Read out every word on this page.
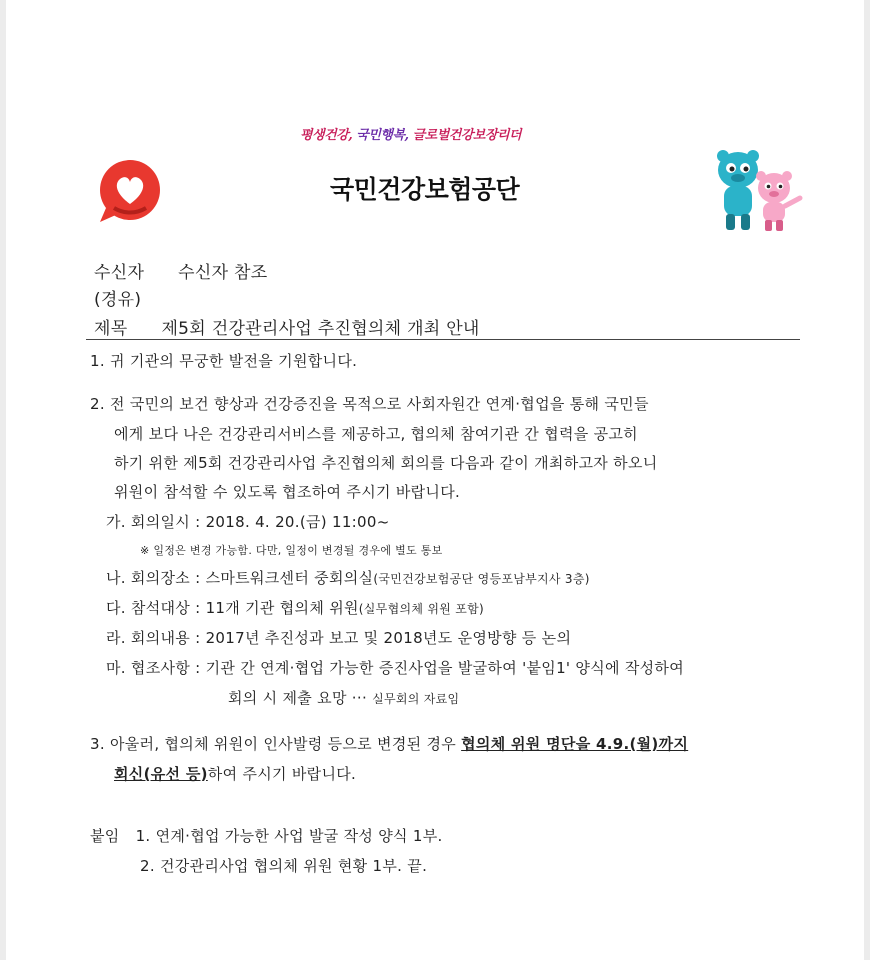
평생건강, 국민행복, 글로벌건강보장리더
국민건강보험공단
수신자 수신자 참조
(경유)
제목 제5회 건강관리사업 추진협의체 개최 안내
1. 귀 기관의 무궁한 발전을 기원합니다.
2. 전 국민의 보건 향상과 건강증진을 목적으로 사회자원간 연계·협업을 통해 국민들
에게 보다 나은 건강관리서비스를 제공하고, 협의체 참여기관 간 협력을 공고히
하기 위한 제5회 건강관리사업 추진협의체 회의를 다음과 같이 개최하고자 하오니
위원이 참석할 수 있도록 협조하여 주시기 바랍니다.
가. 회의일시 : 2018. 4. 20.(금) 11:00~
※ 일정은 변경 가능함. 다만, 일정이 변경될 경우에 별도 통보
나. 회의장소 : 스마트워크센터 중회의실(국민건강보험공단 영등포남부지사 3층)
다. 참석대상 : 11개 기관 협의체 위원(실무협의체 위원 포함)
라. 회의내용 : 2017년 추진성과 보고 및 2018년도 운영방향 등 논의
마. 협조사항 : 기관 간 연계·협업 가능한 증진사업을 발굴하여 '붙임1' 양식에 작성하여
회의 시 제출 요망 ··· 실무회의 자료임
3. 아울러, 협의체 위원이 인사발령 등으로 변경된 경우 협의체 위원 명단을 4.9.(월)까지
회신(유선 등)하여 주시기 바랍니다.
붙임 1. 연계·협업 가능한 사업 발굴 작성 양식 1부.
2. 건강관리사업 협의체 위원 현황 1부. 끝.
